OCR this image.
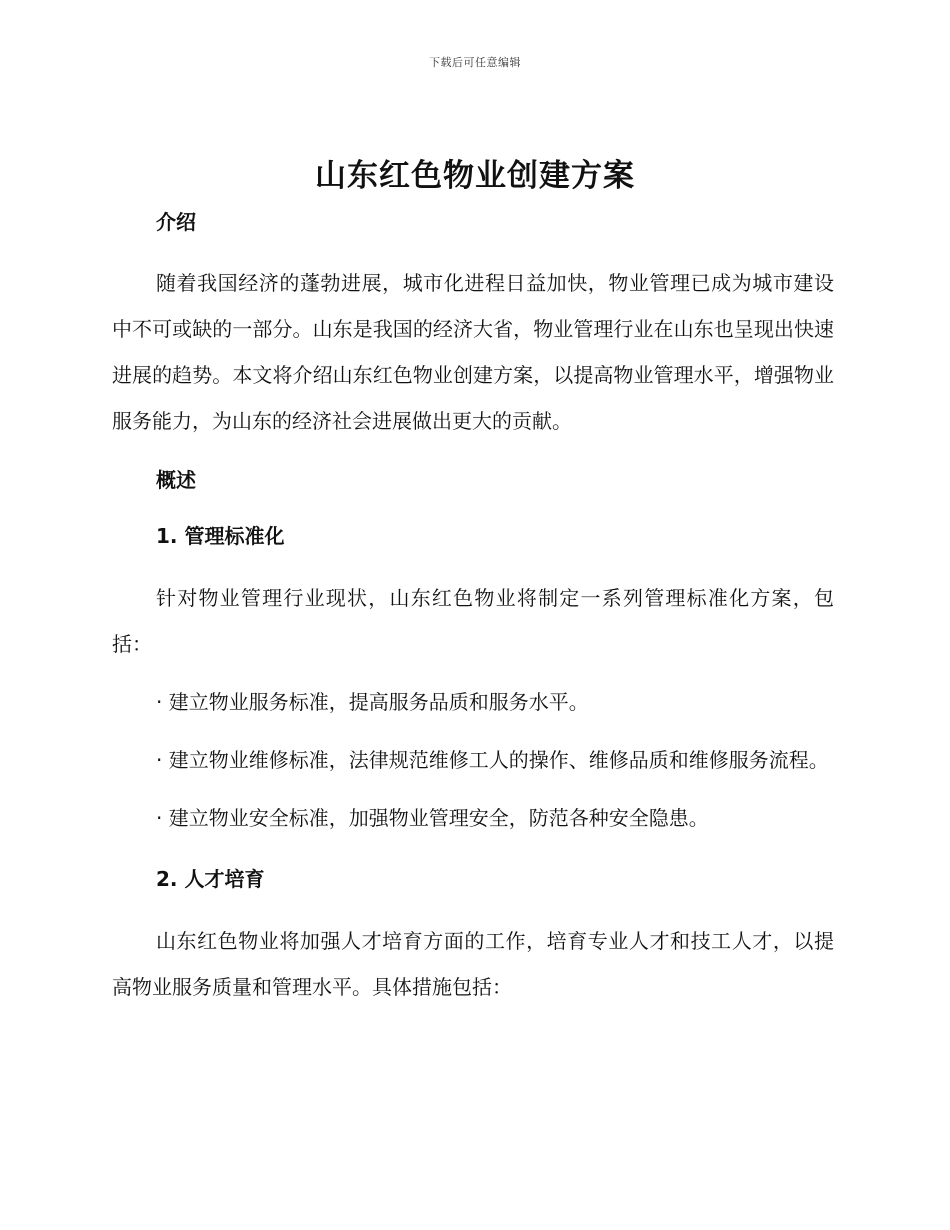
下载后可任意编辑
山东红色物业创建方案
介绍

随着我国经济的蓬勃进展，城市化进程日益加快，物业管理已成为城市建设中不可或缺的一部分。山东是我国的经济大省，物业管理行业在山东也呈现出快速进展的趋势。本文将介绍山东红色物业创建方案，以提高物业管理水平，增强物业服务能力，为山东的经济社会进展做出更大的贡献。

概述
1. 管理标准化

针对物业管理行业现状，山东红色物业将制定一系列管理标准化方案，包括：

· 建立物业服务标准，提高服务品质和服务水平。

· 建立物业维修标准，法律规范维修工人的操作、维修品质和维修服务流程。

· 建立物业安全标准，加强物业管理安全，防范各种安全隐患。

2. 人才培育

山东红色物业将加强人才培育方面的工作，培育专业人才和技工人才，以提高物业服务质量和管理水平。具体措施包括：
